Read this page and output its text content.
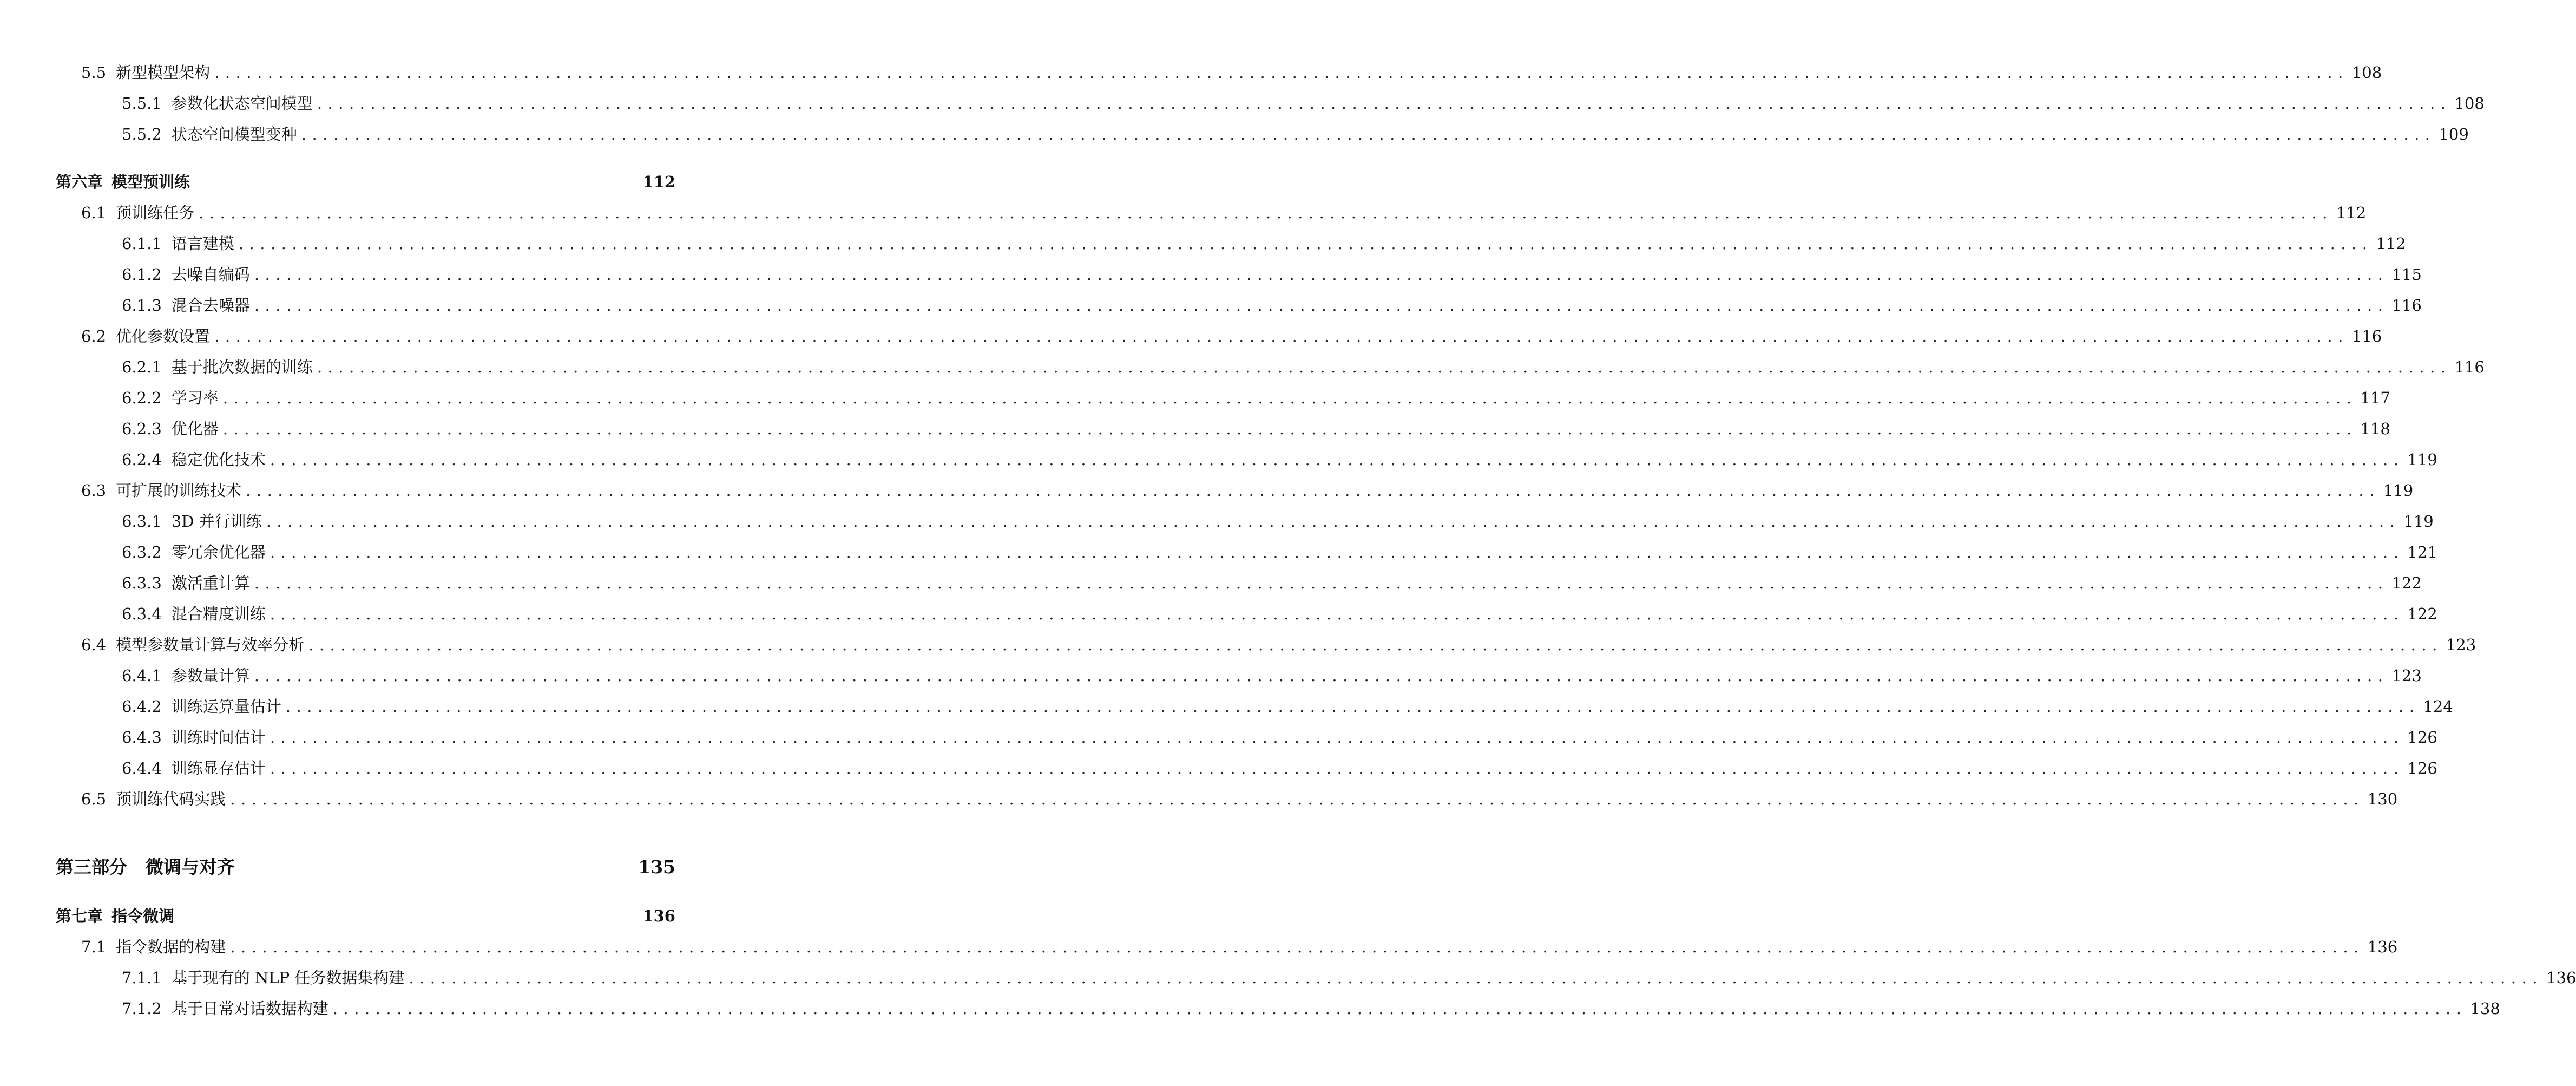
5.5 新型模型架构 ........................................................................................................................................................................................................ 108
5.5.1 参数化状态空间模型 ........................................................................................................................................................................................................ 108
5.5.2 状态空间模型变种 ........................................................................................................................................................................................................ 109
第六章 模型预训练	112
6.1 预训练任务 ........................................................................................................................................................................................................ 112
6.1.1 语言建模 ........................................................................................................................................................................................................ 112
6.1.2 去噪自编码 ........................................................................................................................................................................................................ 115
6.1.3 混合去噪器 ........................................................................................................................................................................................................ 116
6.2 优化参数设置 ........................................................................................................................................................................................................ 116
6.2.1 基于批次数据的训练 ........................................................................................................................................................................................................ 116
6.2.2 学习率 ........................................................................................................................................................................................................ 117
6.2.3 优化器 ........................................................................................................................................................................................................ 118
6.2.4 稳定优化技术 ........................................................................................................................................................................................................ 119
6.3 可扩展的训练技术 ........................................................................................................................................................................................................ 119
6.3.1 3D 并行训练 ........................................................................................................................................................................................................ 119
6.3.2 零冗余优化器 ........................................................................................................................................................................................................ 121
6.3.3 激活重计算 ........................................................................................................................................................................................................ 122
6.3.4 混合精度训练 ........................................................................................................................................................................................................ 122
6.4 模型参数量计算与效率分析 ........................................................................................................................................................................................................ 123
6.4.1 参数量计算 ........................................................................................................................................................................................................ 123
6.4.2 训练运算量估计 ........................................................................................................................................................................................................ 124
6.4.3 训练时间估计 ........................................................................................................................................................................................................ 126
6.4.4 训练显存估计 ........................................................................................................................................................................................................ 126
6.5 预训练代码实践 ........................................................................................................................................................................................................ 130
第三部分 微调与对齐	135
第七章 指令微调	136
7.1 指令数据的构建 ........................................................................................................................................................................................................ 136
7.1.1 基于现有的 NLP 任务数据集构建 ........................................................................................................................................................................................................ 136
7.1.2 基于日常对话数据构建 ........................................................................................................................................................................................................ 138
